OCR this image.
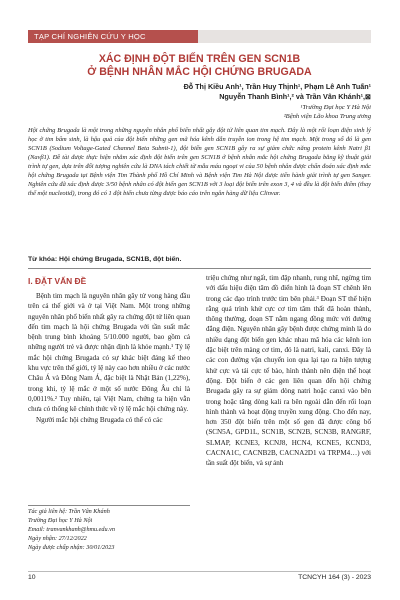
TẠP CHÍ NGHIÊN CỨU Y HỌC
XÁC ĐỊNH ĐỘT BIẾN TRÊN GEN SCN1B
Ở BỆNH NHÂN MẮC HỘI CHỨNG BRUGADA
Đỗ Thị Kiều Anh¹, Trần Huy Thịnh¹, Phạm Lê Anh Tuấn¹
Nguyễn Thanh Bình¹,² và Trần Vân Khánh¹,⊠
¹Trường Đại học Y Hà Nội
²Bệnh viện Lão khoa Trung ương
Hội chứng Brugada là một trong những nguyên nhân phổ biến nhất gây đột tử liên quan tim mạch. Đây là một rối loạn điện sinh lý học ở tim bẩm sinh, là hậu quả của đột biến những gen mã hóa kênh dẫn truyền ion trong hệ tim mạch. Một trong số đó là gen SCN1B (Sodium Voltage-Gated Channel Beta Subnit-1), đột biến gen SCN1B gây ra sự giảm chức năng protein kênh Natri β1 (Navβ1). Đề tài được thực hiện nhằm xác định đột biến trên gen SCN1B ở bệnh nhân mắc hội chứng Brugada bằng kỹ thuật giải trình tự gen, dựa trên đối tượng nghiên cứu là DNA tách chiết từ mẫu máu ngoại vi của 50 bệnh nhân được chẩn đoán xác định mắc hội chứng Brugada tại Bệnh viện Tim Thành phố Hồ Chí Minh và Bệnh viện Tim Hà Nội được tiến hành giải trình tự gen Sanger. Nghiên cứu đã xác định được 3/50 bệnh nhân có đột biến gen SCN1B với 3 loại đột biến trên exon 3, 4 và đều là đột biến điểm (thay thế một nucleotid), trong đó có 1 đột biến chưa từng được báo cáo trên ngân hàng dữ liệu Clinvar.
Từ khóa: Hội chứng Brugada, SCN1B, đột biến.
I. ĐẶT VẤN ĐỀ

Bệnh tim mạch là nguyên nhân gây tử vong hàng đầu trên cả thế giới và ở tại Việt Nam. Một trong những nguyên nhân phổ biến nhất gây ra chứng đột tử liên quan đến tim mạch là hội chứng Brugada với tần suất mắc bệnh trung bình khoảng 5/10.000 người, bao gồm cả những người trẻ và được nhận định là khỏe mạnh.¹ Tỷ lệ mắc hội chứng Brugada có sự khác biệt đáng kể theo khu vực trên thế giới, tỷ lệ này cao hơn nhiều ở các nước Châu Á và Đông Nam Á, đặc biệt là Nhật Bản (1,22%), trong khi, tỷ lệ mắc ở một số nước Đông Âu chỉ là 0,0011%.² Tuy nhiên, tại Việt Nam, chứng ta hiện vẫn chưa có thống kê chính thức về tỷ lệ mắc hội chứng này.

Người mắc hội chứng Brugada có thể có các

triệu chứng như ngất, tim đập nhanh, rung nhĩ, ngừng tim với dấu hiệu điện tâm đồ điển hình là đoạn ST chênh lên trong các đạo trình trước tim bên phải.³ Đoạn ST thể hiện rằng quá trình khử cực cơ tim tâm thất đã hoàn thành, thông thường, đoạn ST nằm ngang đồng mức với đường đẳng điện. Nguyên nhân gây bệnh được chứng minh là do nhiều dạng đột biến gen khác nhau mã hóa các kênh ion đặc biệt trên màng cơ tim, đó là natri, kali, canxi. Đây là các con đường vận chuyển ion qua lại tạo ra hiện tượng khử cực và tái cực tế bào, hình thành nên điện thế hoạt động. Đột biến ở các gen liên quan đến hội chứng Brugada gây ra sự giảm dòng natri hoặc canxi vào bên trong hoặc tăng dòng kali ra bên ngoài dẫn đến rối loạn hình thành và hoạt động truyền xung động. Cho đến nay, hơn 350 đột biến trên một số gen đã được công bố (SCN5A, GPD1L, SCN1B, SCN2B, SCN3B, RANGRF, SLMAP, KCNE3, KCNJ8, HCN4, KCNE5, KCND3, CACNA1C, CACNB2B, CACNA2D1 và TRPM4…) với tần suất đột biến, và sự ảnh

Tác giả liên hệ: Trần Vân Khánh
Trường Đại học Y Hà Nội
Email: tranvankhanh@hmu.edu.vn
Ngày nhận: 27/12/2022
Ngày được chấp nhận: 30/01/2023
10	TCNCYH 164 (3) - 2023
